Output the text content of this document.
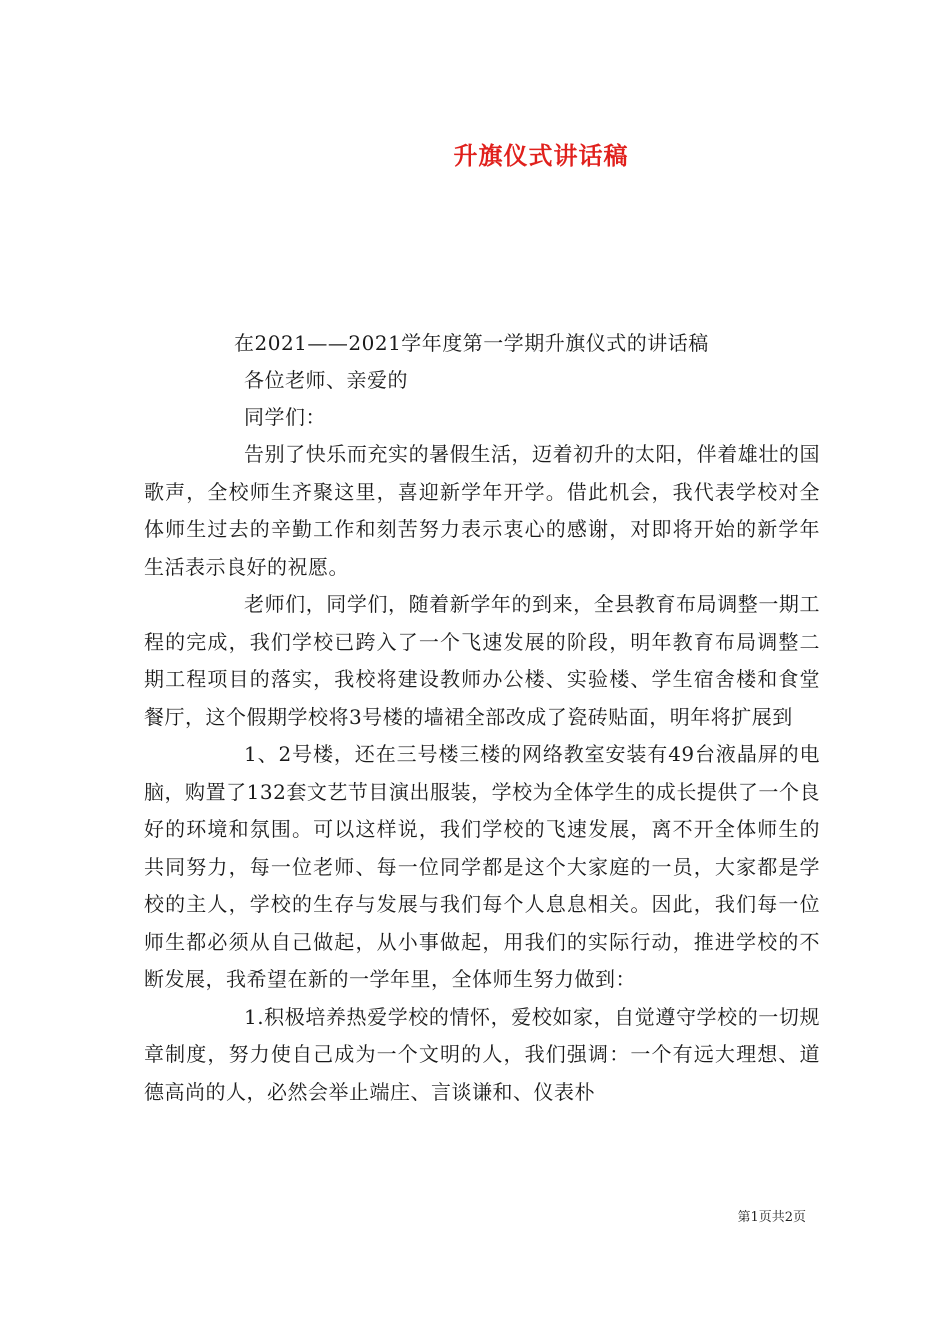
升旗仪式讲话稿
在2021——2021学年度第一学期升旗仪式的讲话稿
各位老师、亲爱的
同学们：

告别了快乐而充实的暑假生活，迈着初升的太阳，伴着雄壮的国歌声，全校师生齐聚这里，喜迎新学年开学。借此机会，我代表学校对全体师生过去的辛勤工作和刻苦努力表示衷心的感谢，对即将开始的新学年生活表示良好的祝愿。

老师们，同学们，随着新学年的到来，全县教育布局调整一期工程的完成，我们学校已跨入了一个飞速发展的阶段，明年教育布局调整二期工程项目的落实，我校将建设教师办公楼、实验楼、学生宿舍楼和食堂餐厅，这个假期学校将3号楼的墙裙全部改成了瓷砖贴面，明年将扩展到

1、2号楼，还在三号楼三楼的网络教室安装有49台液晶屏的电脑，购置了132套文艺节目演出服装，学校为全体学生的成长提供了一个良好的环境和氛围。可以这样说，我们学校的飞速发展，离不开全体师生的共同努力，每一位老师、每一位同学都是这个大家庭的一员，大家都是学校的主人，学校的生存与发展与我们每个人息息相关。因此，我们每一位师生都必须从自己做起，从小事做起，用我们的实际行动，推进学校的不断发展，我希望在新的一学年里，全体师生努力做到：

1.积极培养热爱学校的情怀，爱校如家，自觉遵守学校的一切规章制度，努力使自己成为一个文明的人，我们强调：一个有远大理想、道德高尚的人，必然会举止端庄、言谈谦和、仪表朴

第1页共2页
